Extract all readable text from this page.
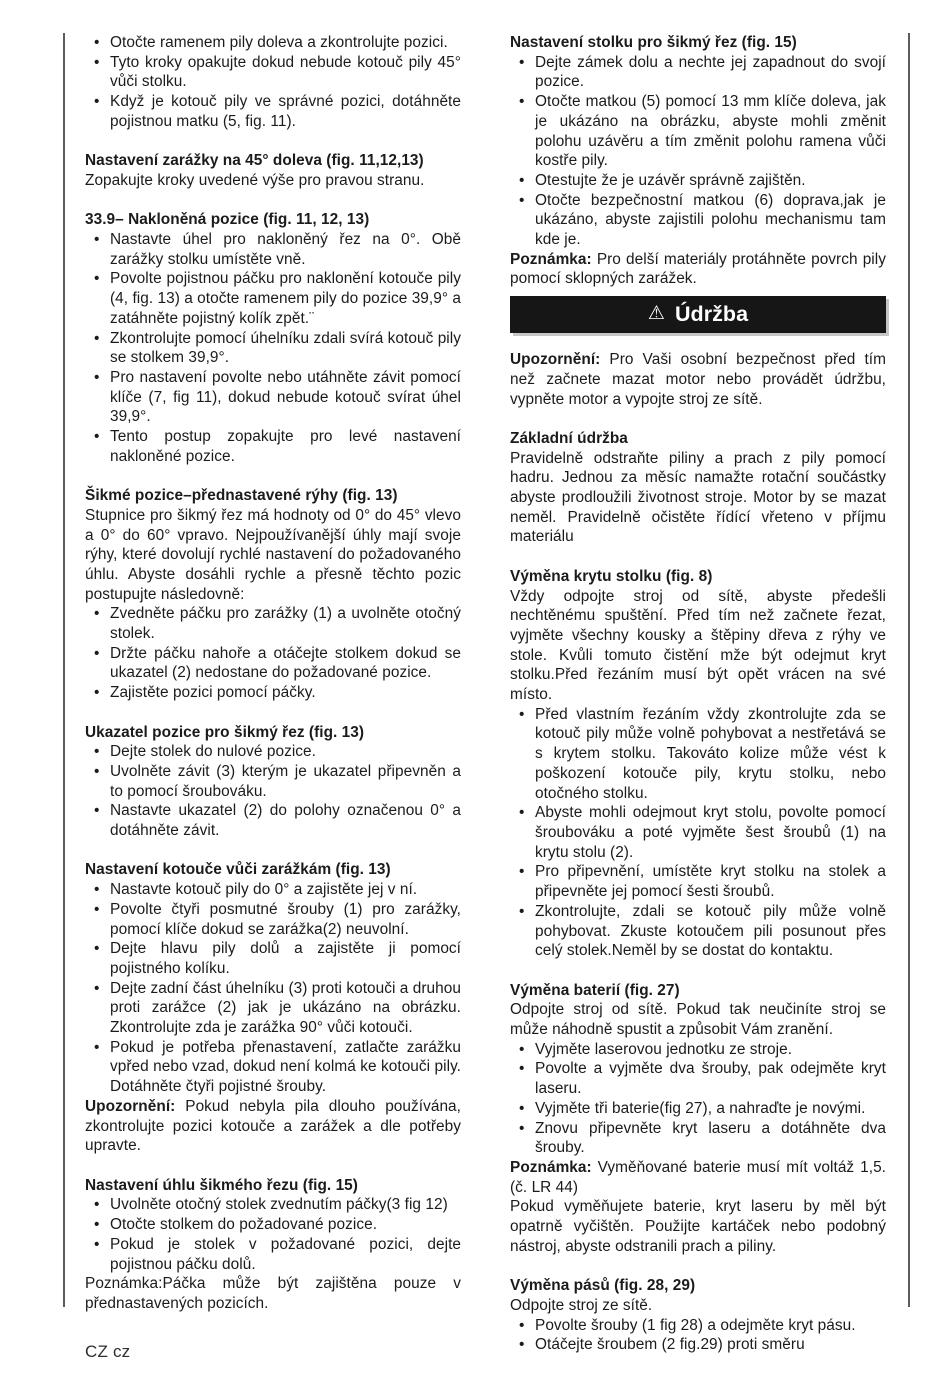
• Otočte ramenem pily doleva a zkontrolujte pozici.
• Tyto kroky opakujte dokud nebude kotouč pily 45° vůči stolku.
• Když je kotouč pily ve správné pozici, dotáhněte pojistnou matku (5, fig. 11).
Nastavení zarážky na 45° doleva (fig. 11,12,13)
Zopakujte kroky uvedené výše pro pravou stranu.
33.9– Nakloněná pozice (fig. 11, 12, 13)
• Nastavte úhel pro nakloněný řez na 0°. Obě zarážky stolku umístěte vně.
• Povolte pojistnou páčku pro naklonění kotouče pily (4, fig. 13) a otočte ramenem pily do pozice 39,9° a zatáhněte pojistný kolík zpět.¨
• Zkontrolujte pomocí úhelníku zdali svírá kotouč pily se stolkem 39,9°.
• Pro nastavení povolte nebo utáhněte závit pomocí klíče (7, fig 11), dokud nebude kotouč svírat úhel 39,9°.
• Tento postup zopakujte pro levé nastavení nakloněné pozice.
Šikmé pozice–přednastavené rýhy (fig. 13)
Stupnice pro šikmý řez má hodnoty od 0° do 45° vlevo a 0° do 60° vpravo. Nejpoužívanější úhly mají svoje rýhy, které dovolují rychlé nastavení do požadovaného úhlu. Abyste dosáhli rychle a přesně těchto pozic postupujte následovně:
• Zvedněte páčku pro zarážky (1) a uvolněte otočný stolek.
• Držte páčku nahoře a otáčejte stolkem dokud se ukazatel (2) nedostane do požadované pozice.
• Zajistěte pozici pomocí páčky.
Ukazatel pozice pro šikmý řez (fig. 13)
• Dejte stolek do nulové pozice.
• Uvolněte závit (3) kterým je ukazatel připevněn a to pomocí šroubováku.
• Nastavte ukazatel (2) do polohy označenou 0° a dotáhněte závit.
Nastavení kotouče vůči zarážkám (fig. 13)
• Nastavte kotouč pily do 0° a zajistěte jej v ní.
• Povolte čtyři posmutné šrouby (1) pro zarážky, pomocí klíče dokud se zarážka(2) neuvolní.
• Dejte hlavu pily dolů a zajistěte ji pomocí pojistného kolíku.
• Dejte zadní část úhelníku (3) proti kotouči a druhou proti zarážce (2) jak je ukázáno na obrázku. Zkontrolujte zda je zarážka 90° vůči kotouči.
• Pokud je potřeba přenastavení, zatlačte zarážku vpřed nebo vzad, dokud není kolmá ke kotouči pily. Dotáhněte čtyři pojistné šrouby.
Upozornění: Pokud nebyla pila dlouho používána, zkontrolujte pozici kotouče a zarážek a dle potřeby upravte.
Nastavení úhlu šikmého řezu (fig. 15)
• Uvolněte otočný stolek zvednutím páčky(3 fig 12)
• Otočte stolkem do požadované pozice.
• Pokud je stolek v požadované pozici, dejte pojistnou páčku dolů.
Poznámka:Páčka může být zajištěna pouze v přednastavených pozicích.
Nastavení stolku pro šikmý řez (fig. 15)
• Dejte zámek dolu a nechte jej zapadnout do svojí pozice.
• Otočte matkou (5) pomocí 13 mm klíče doleva, jak je ukázáno na obrázku, abyste mohli změnit polohu uzávěru a tím změnit polohu ramena vůči kostře pily.
• Otestujte že je uzávěr správně zajištěn.
• Otočte bezpečnostní matkou (6) doprava,jak je ukázáno, abyste zajistili polohu mechanismu tam kde je.
Poznámka: Pro delší materiály protáhněte povrch pily pomocí sklopných zarážek.
⚠ Údržba
Upozornění: Pro Vaši osobní bezpečnost před tím než začnete mazat motor nebo provádět údržbu, vypněte motor a vypojte stroj ze sítě.
Základní údržba
Pravidelně odstraňte piliny a prach z pily pomocí hadru. Jednou za měsíc namažte rotační součástky abyste prodloužili životnost stroje. Motor by se mazat neměl. Pravidelně očistěte řídící vřeteno v příjmu materiálu
Výměna krytu stolku (fig. 8)
Vždy odpojte stroj od sítě, abyste předešli nechtěnému spuštění. Před tím než začnete řezat, vyjměte všechny kousky a štěpiny dřeva z rýhy ve stole. Kvůli tomuto čistění mže být odejmut kryt stolku.Před řezáním musí být opět vrácen na své místo.
• Před vlastním řezáním vždy zkontrolujte zda se kotouč pily může volně pohybovat a nestřetává se s krytem stolku. Takováto kolize může vést k poškození kotouče pily, krytu stolku, nebo otočného stolku.
• Abyste mohli odejmout kryt stolu, povolte pomocí šroubováku a poté vyjměte šest šroubů (1) na krytu stolu (2).
• Pro připevnění, umístěte kryt stolku na stolek a připevněte jej pomocí šesti šroubů.
• Zkontrolujte, zdali se kotouč pily může volně pohybovat. Zkuste kotoučem pili posunout přes celý stolek.Neměl by se dostat do kontaktu.
Výměna baterií (fig. 27)
Odpojte stroj od sítě. Pokud tak neučiníte stroj se může náhodně spustit a způsobit Vám zranění.
• Vyjměte laserovou jednotku ze stroje.
• Povolte a vyjměte dva šrouby, pak odejměte kryt laseru.
• Vyjměte tři baterie(fig 27), a nahraďte je novými.
• Znovu připevněte kryt laseru a dotáhněte dva šrouby.
Poznámka: Vyměňované baterie musí mít voltáž 1,5.(č. LR 44)
Pokud vyměňujete baterie, kryt laseru by měl být opatrně vyčištěn. Použijte kartáček nebo podobný nástroj, abyste odstranili prach a piliny.
Výměna pásů (fig. 28, 29)
Odpojte stroj ze sítě.
• Povolte šrouby (1 fig 28) a odejměte kryt pásu.
• Otáčejte šroubem (2 fig.29) proti směru
CZ cz
